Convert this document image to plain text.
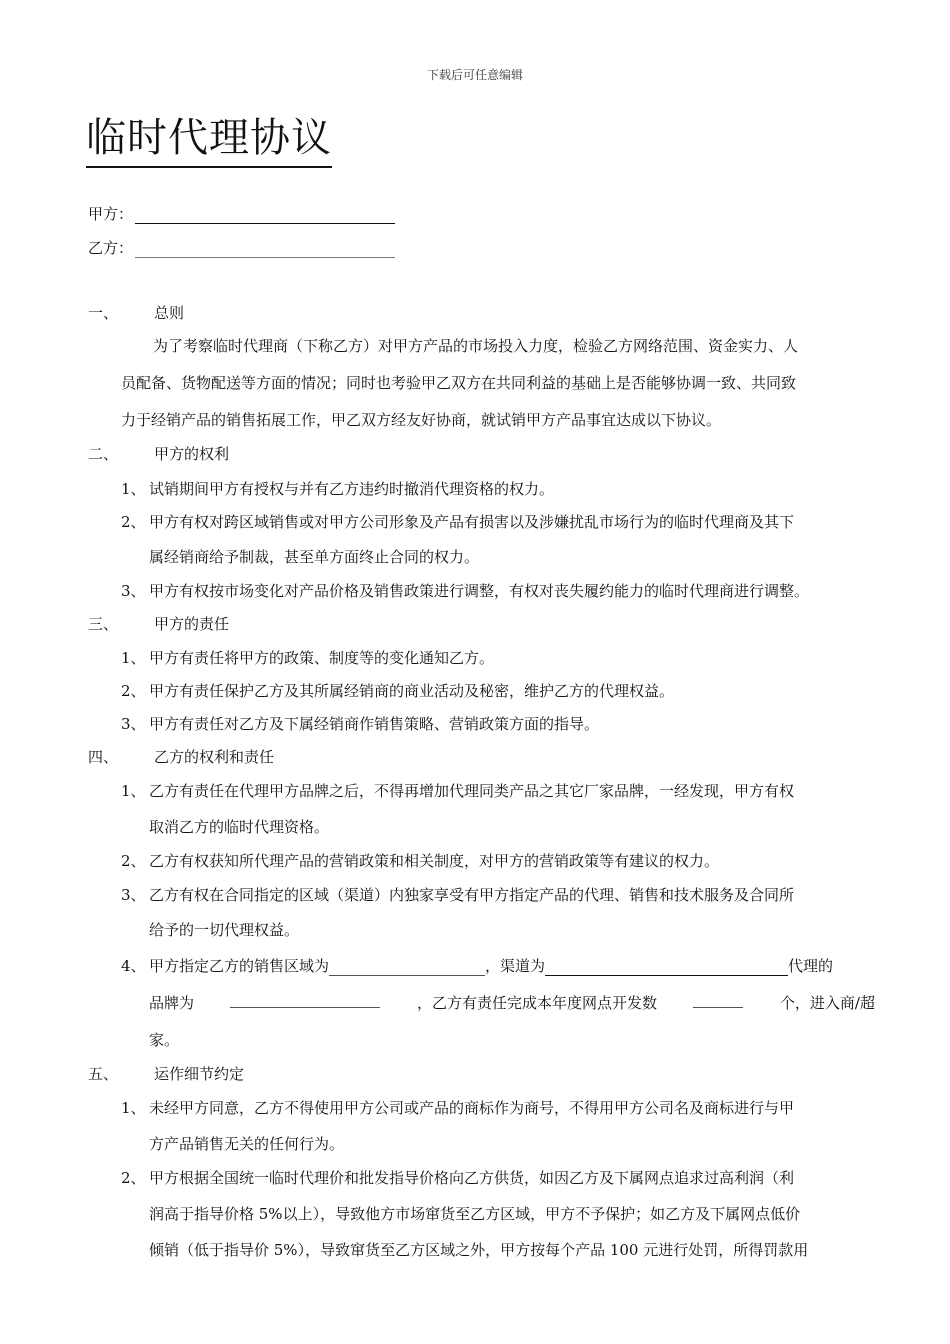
下载后可任意编辑
临时代理协议
甲方：
乙方：
一、 总则
为了考察临时代理商（下称乙方）对甲方产品的市场投入力度，检验乙方网络范围、资金实力、人
员配备、货物配送等方面的情况；同时也考验甲乙双方在共同利益的基础上是否能够协调一致、共同致
力于经销产品的销售拓展工作，甲乙双方经友好协商，就试销甲方产品事宜达成以下协议。
二、 甲方的权利
1、 试销期间甲方有授权与并有乙方违约时撤消代理资格的权力。
2、 甲方有权对跨区域销售或对甲方公司形象及产品有损害以及涉嫌扰乱市场行为的临时代理商及其下
属经销商给予制裁，甚至单方面终止合同的权力。
3、 甲方有权按市场变化对产品价格及销售政策进行调整，有权对丧失履约能力的临时代理商进行调整。
三、 甲方的责任
1、 甲方有责任将甲方的政策、制度等的变化通知乙方。
2、 甲方有责任保护乙方及其所属经销商的商业活动及秘密，维护乙方的代理权益。
3、 甲方有责任对乙方及下属经销商作销售策略、营销政策方面的指导。
四、 乙方的权利和责任
1、 乙方有责任在代理甲方品牌之后，不得再增加代理同类产品之其它厂家品牌，一经发现，甲方有权
取消乙方的临时代理资格。
2、 乙方有权获知所代理产品的营销政策和相关制度，对甲方的营销政策等有建议的权力。
3、 乙方有权在合同指定的区域（渠道）内独家享受有甲方指定产品的代理、销售和技术服务及合同所
给予的一切代理权益。
4、 甲方指定乙方的销售区域为	，渠道为	代理的
品牌为	，乙方有责任完成本年度网点开发数	个，进入商/超
家。
五、 运作细节约定
1、 未经甲方同意，乙方不得使用甲方公司或产品的商标作为商号，不得用甲方公司名及商标进行与甲
方产品销售无关的任何行为。
2、 甲方根据全国统一临时代理价和批发指导价格向乙方供货，如因乙方及下属网点追求过高利润（利
润高于指导价格 5%以上），导致他方市场窜货至乙方区域，甲方不予保护；如乙方及下属网点低价
倾销（低于指导价 5%），导致窜货至乙方区域之外，甲方按每个产品 100 元进行处罚，所得罚款用
